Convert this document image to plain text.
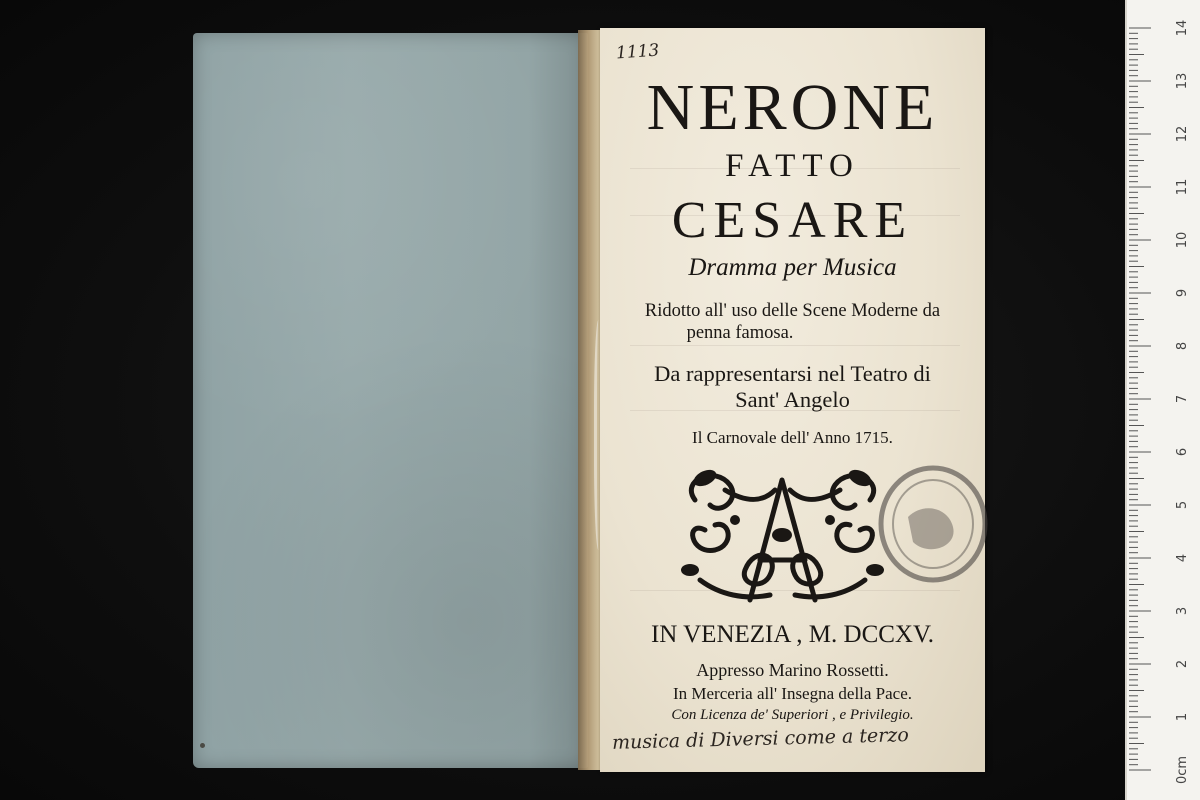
1113
NERONE
FATTO
CESARE
Dramma per Musica
Ridotto all' uso delle Scene Moderne da
penna famosa.
Da rappresentarsi nel Teatro di
Sant' Angelo
Il Carnovale dell' Anno 1715.
IN VENEZIA , M. DCCXV.
Appresso Marino Rossetti.
In Merceria all' Insegna della Pace.
Con Licenza de' Superiori , e Privilegio.
musica di Diversi come a terzo
14
13
12
11
10
9
8
7
6
5
4
3
2
1
0cm
